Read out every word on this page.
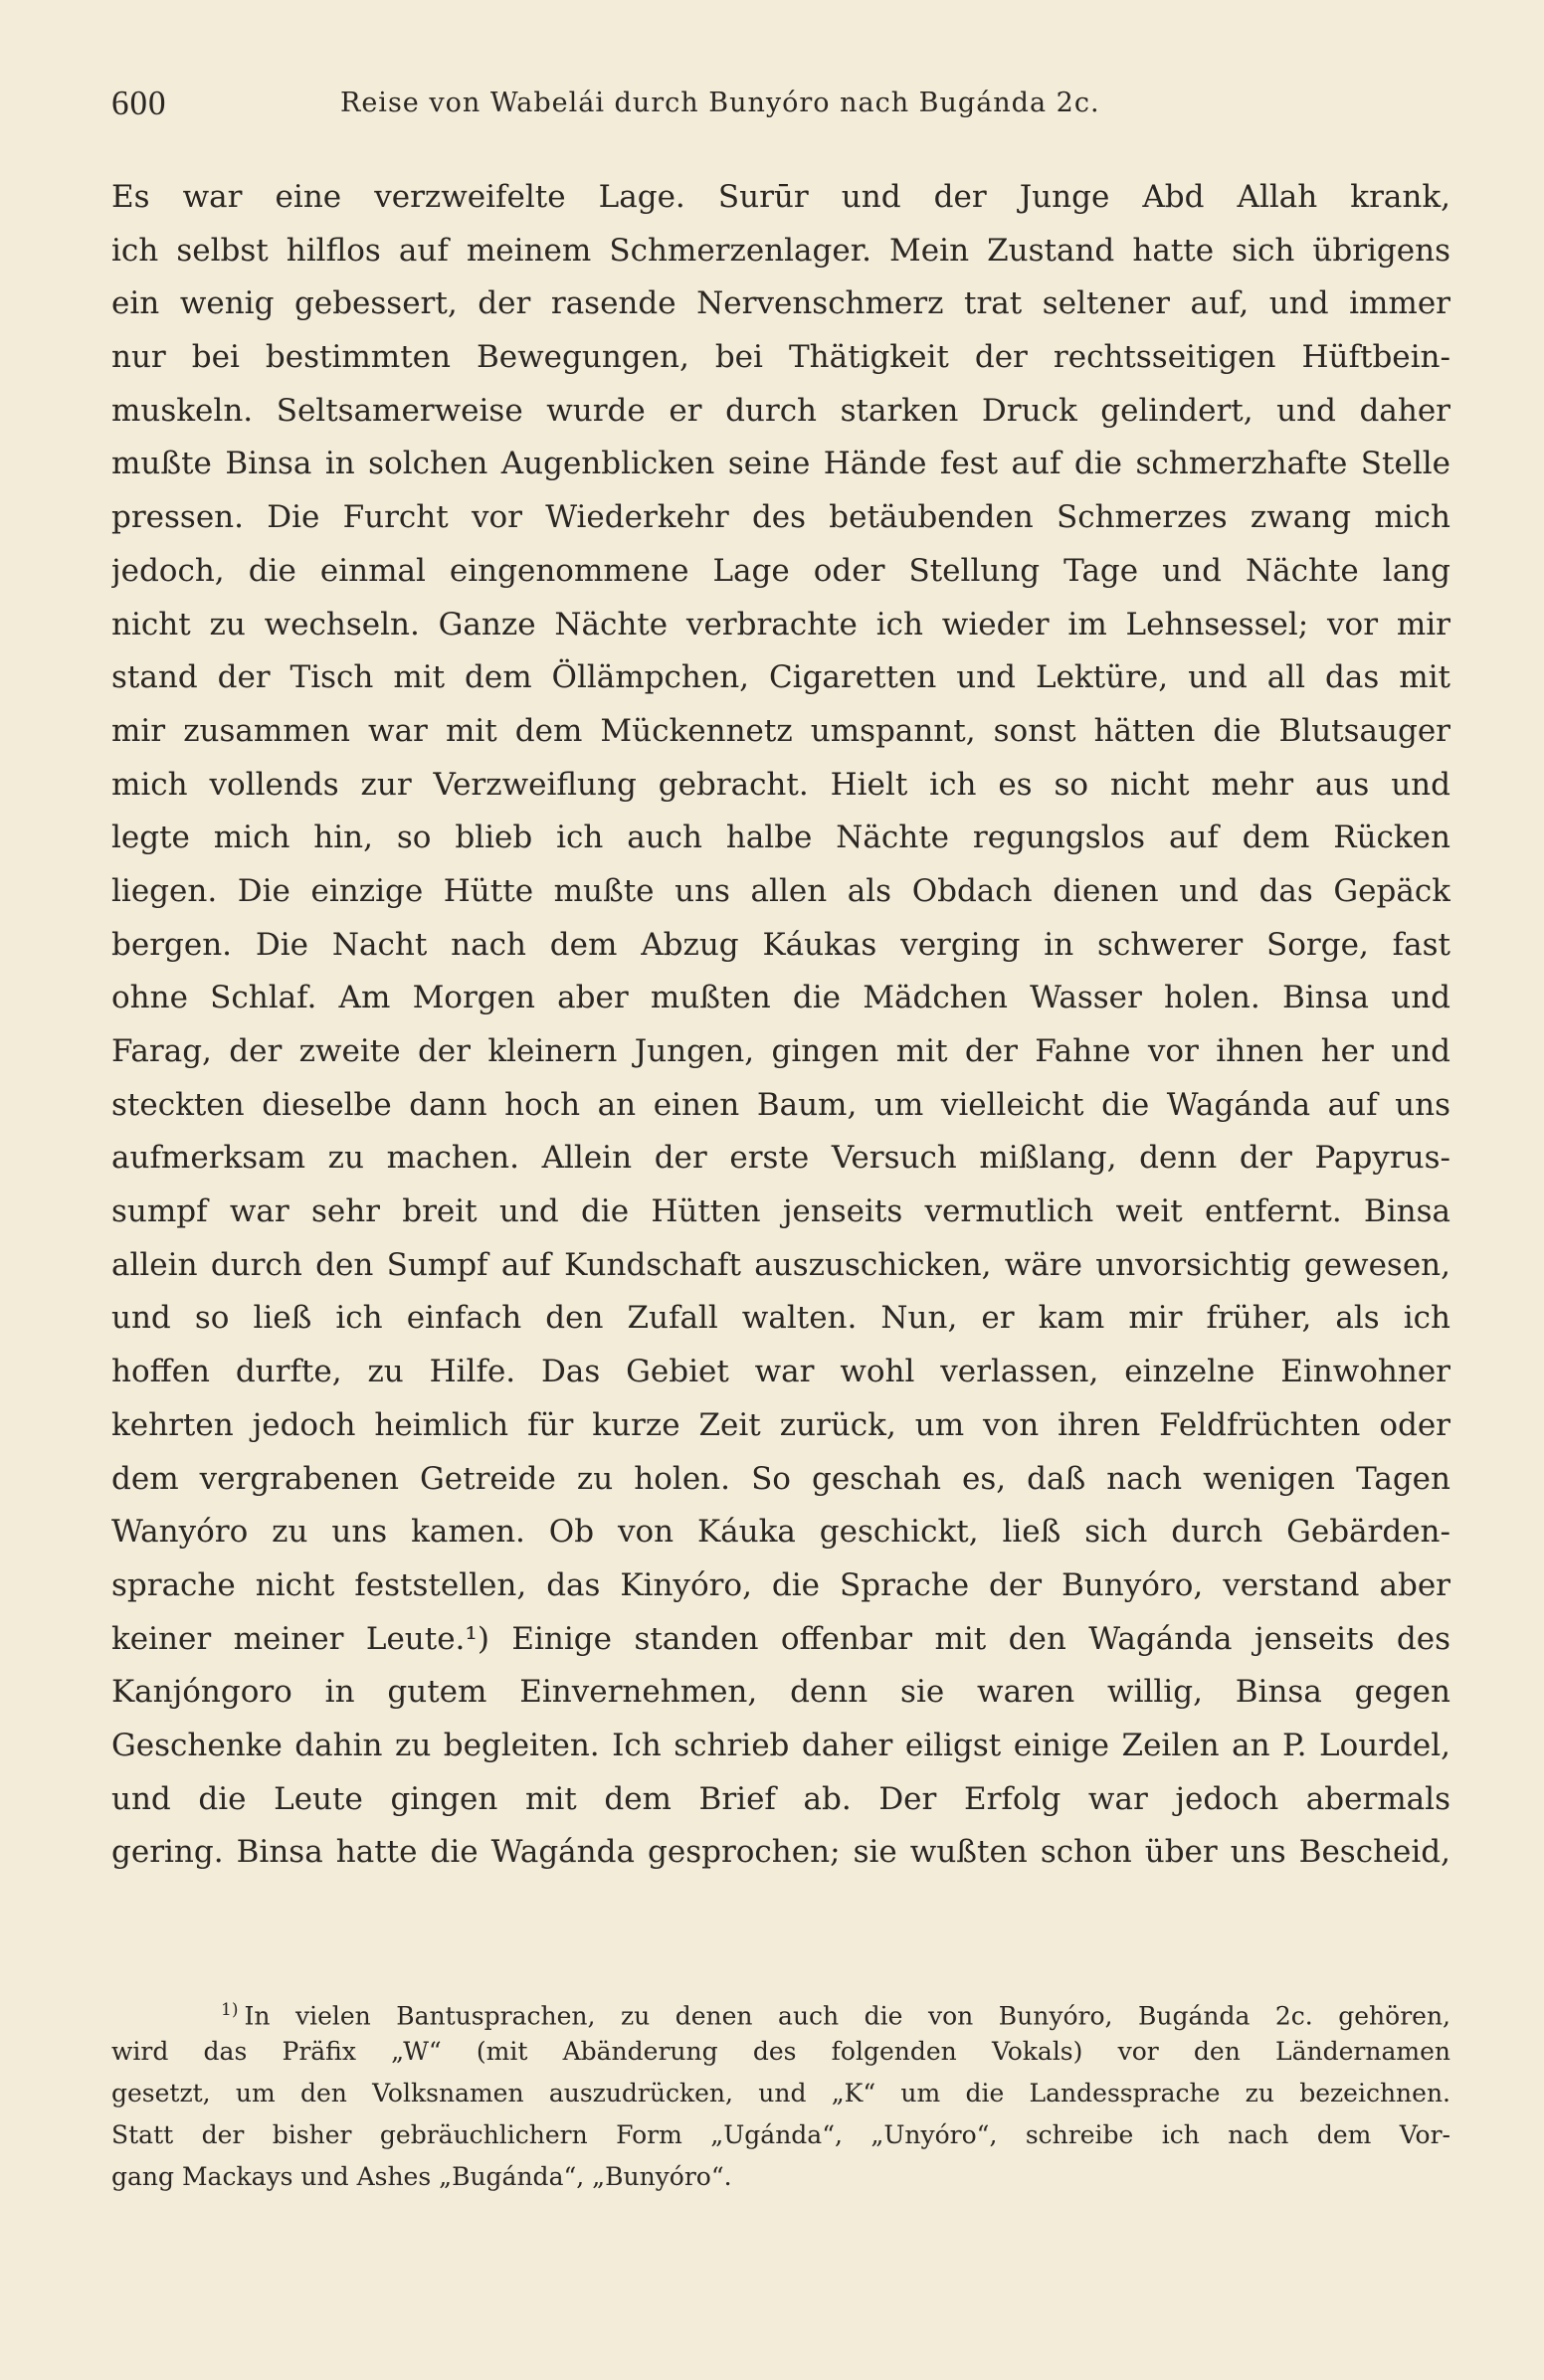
600	Reise von Wabelái durch Bunyóro nach Bugánda 2c.
Es war eine verzweifelte Lage. Surūr und der Junge Abd Allah krank,
ich selbst hilflos auf meinem Schmerzenlager. Mein Zustand hatte sich übrigens
ein wenig gebessert, der rasende Nervenschmerz trat seltener auf, und immer
nur bei bestimmten Bewegungen, bei Thätigkeit der rechtsseitigen Hüftbein-
muskeln. Seltsamerweise wurde er durch starken Druck gelindert, und daher
mußte Binsa in solchen Augenblicken seine Hände fest auf die schmerzhafte Stelle
pressen. Die Furcht vor Wiederkehr des betäubenden Schmerzes zwang mich
jedoch, die einmal eingenommene Lage oder Stellung Tage und Nächte lang
nicht zu wechseln. Ganze Nächte verbrachte ich wieder im Lehnsessel; vor mir
stand der Tisch mit dem Öllämpchen, Cigaretten und Lektüre, und all das mit
mir zusammen war mit dem Mückennetz umspannt, sonst hätten die Blutsauger
mich vollends zur Verzweiflung gebracht. Hielt ich es so nicht mehr aus und
legte mich hin, so blieb ich auch halbe Nächte regungslos auf dem Rücken
liegen. Die einzige Hütte mußte uns allen als Obdach dienen und das Gepäck
bergen. Die Nacht nach dem Abzug Káukas verging in schwerer Sorge, fast
ohne Schlaf. Am Morgen aber mußten die Mädchen Wasser holen. Binsa und
Farag, der zweite der kleinern Jungen, gingen mit der Fahne vor ihnen her und
steckten dieselbe dann hoch an einen Baum, um vielleicht die Wagánda auf uns
aufmerksam zu machen. Allein der erste Versuch mißlang, denn der Papyrus-
sumpf war sehr breit und die Hütten jenseits vermutlich weit entfernt. Binsa
allein durch den Sumpf auf Kundschaft auszuschicken, wäre unvorsichtig gewesen,
und so ließ ich einfach den Zufall walten. Nun, er kam mir früher, als ich
hoffen durfte, zu Hilfe. Das Gebiet war wohl verlassen, einzelne Einwohner
kehrten jedoch heimlich für kurze Zeit zurück, um von ihren Feldfrüchten oder
dem vergrabenen Getreide zu holen. So geschah es, daß nach wenigen Tagen
Wanyóro zu uns kamen. Ob von Káuka geschickt, ließ sich durch Gebärden-
sprache nicht feststellen, das Kinyóro, die Sprache der Bunyóro, verstand aber
keiner meiner Leute.¹) Einige standen offenbar mit den Wagánda jenseits des
Kanjóngoro in gutem Einvernehmen, denn sie waren willig, Binsa gegen
Geschenke dahin zu begleiten. Ich schrieb daher eiligst einige Zeilen an P. Lourdel,
und die Leute gingen mit dem Brief ab. Der Erfolg war jedoch abermals
gering. Binsa hatte die Wagánda gesprochen; sie wußten schon über uns Bescheid,
$^{1)}$ In vielen Bantusprachen, zu denen auch die von Bunyóro, Bugánda 2c. gehören,
wird das Präfix „W“ (mit Abänderung des folgenden Vokals) vor den Ländernamen
gesetzt, um den Volksnamen auszudrücken, und „K“ um die Landessprache zu bezeichnen.
Statt der bisher gebräuchlichern Form „Ugánda“, „Unyóro“, schreibe ich nach dem Vor-
gang Mackays und Ashes „Bugánda“, „Bunyóro“.
